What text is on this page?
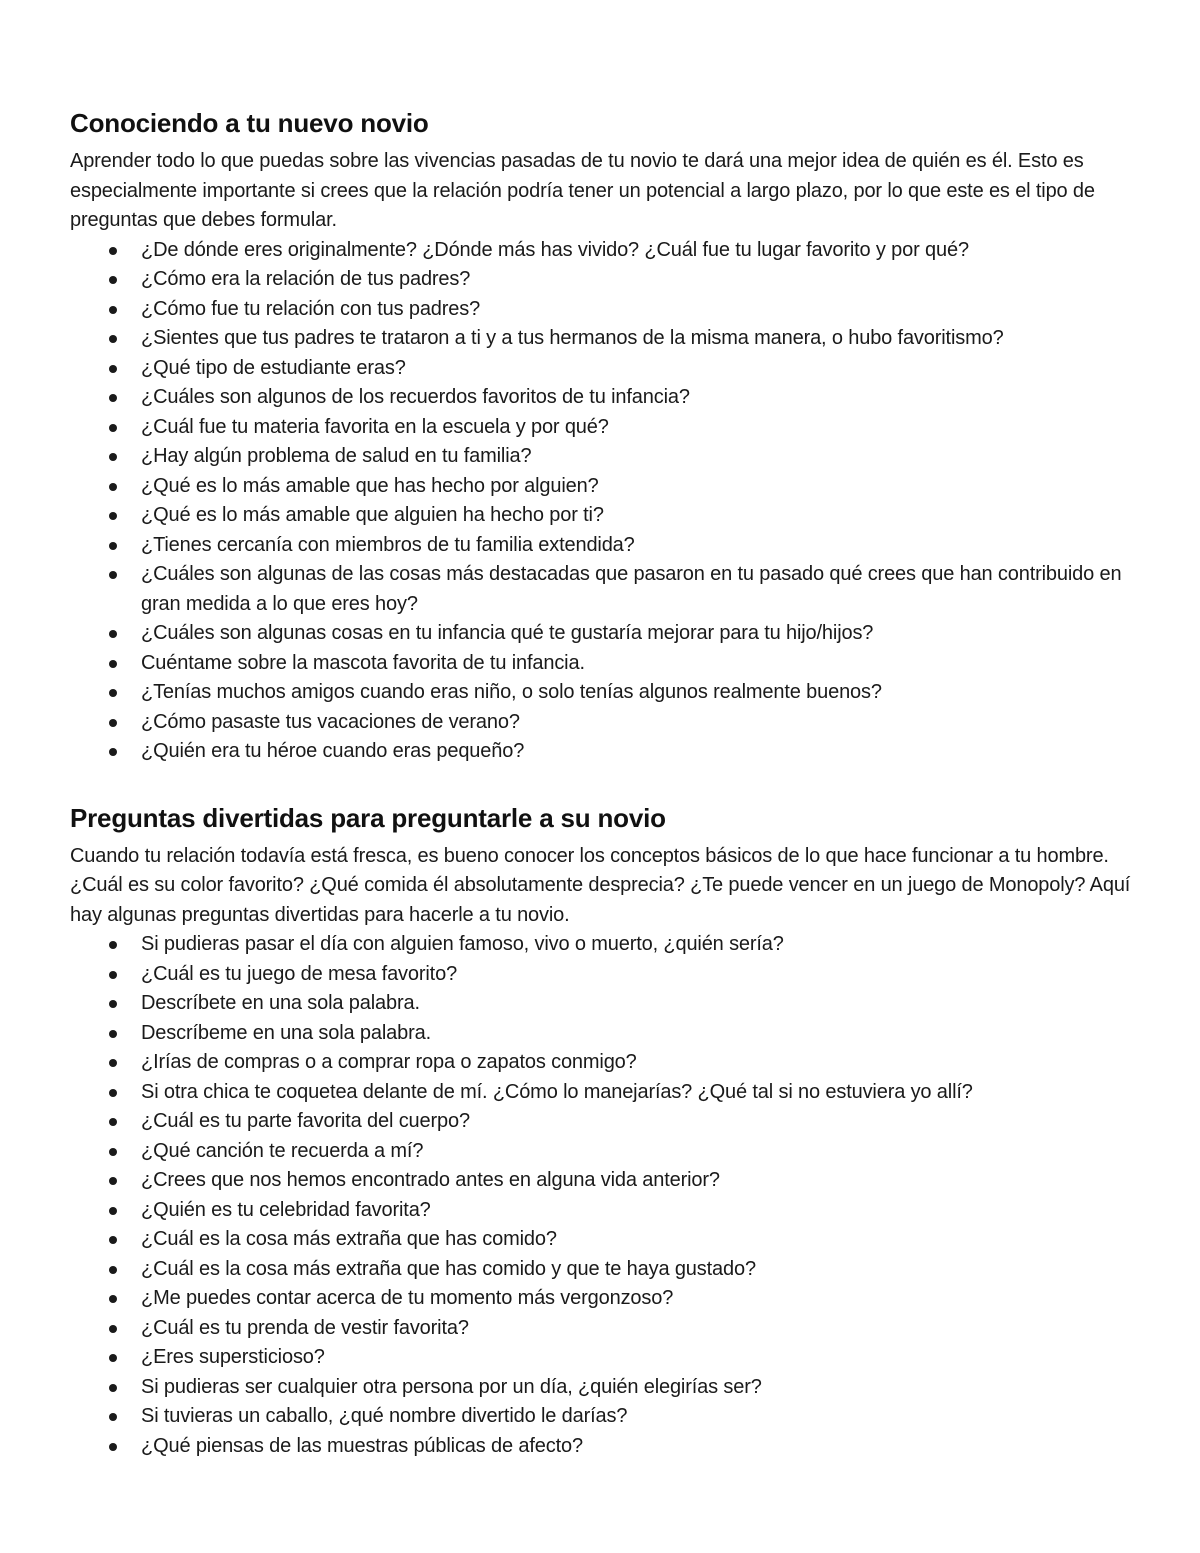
Conociendo a tu nuevo novio

Aprender todo lo que puedas sobre las vivencias pasadas de tu novio te dará una mejor idea de quién es él. Esto es especialmente importante si crees que la relación podría tener un potencial a largo plazo, por lo que este es el tipo de preguntas que debes formular.

¿De dónde eres originalmente? ¿Dónde más has vivido? ¿Cuál fue tu lugar favorito y por qué?
¿Cómo era la relación de tus padres?
¿Cómo fue tu relación con tus padres?
¿Sientes que tus padres te trataron a ti y a tus hermanos de la misma manera, o hubo favoritismo?
¿Qué tipo de estudiante eras?
¿Cuáles son algunos de los recuerdos favoritos de tu infancia?
¿Cuál fue tu materia favorita en la escuela y por qué?
¿Hay algún problema de salud en tu familia?
¿Qué es lo más amable que has hecho por alguien?
¿Qué es lo más amable que alguien ha hecho por ti?
¿Tienes cercanía con miembros de tu familia extendida?
¿Cuáles son algunas de las cosas más destacadas que pasaron en tu pasado qué crees que han contribuido en gran medida a lo que eres hoy?
¿Cuáles son algunas cosas en tu infancia qué te gustaría mejorar para tu hijo/hijos?
Cuéntame sobre la mascota favorita de tu infancia.
¿Tenías muchos amigos cuando eras niño, o solo tenías algunos realmente buenos?
¿Cómo pasaste tus vacaciones de verano?
¿Quién era tu héroe cuando eras pequeño?
Preguntas divertidas para preguntarle a su novio

Cuando tu relación todavía está fresca, es bueno conocer los conceptos básicos de lo que hace funcionar a tu hombre. ¿Cuál es su color favorito? ¿Qué comida él absolutamente desprecia? ¿Te puede vencer en un juego de Monopoly? Aquí hay algunas preguntas divertidas para hacerle a tu novio.

Si pudieras pasar el día con alguien famoso, vivo o muerto, ¿quién sería?
¿Cuál es tu juego de mesa favorito?
Descríbete en una sola palabra.
Descríbeme en una sola palabra.
¿Irías de compras o a comprar ropa o zapatos conmigo?
Si otra chica te coquetea delante de mí. ¿Cómo lo manejarías? ¿Qué tal si no estuviera yo allí?
¿Cuál es tu parte favorita del cuerpo?
¿Qué canción te recuerda a mí?
¿Crees que nos hemos encontrado antes en alguna vida anterior?
¿Quién es tu celebridad favorita?
¿Cuál es la cosa más extraña que has comido?
¿Cuál es la cosa más extraña que has comido y que te haya gustado?
¿Me puedes contar acerca de tu momento más vergonzoso?
¿Cuál es tu prenda de vestir favorita?
¿Eres supersticioso?
Si pudieras ser cualquier otra persona por un día, ¿quién elegirías ser?
Si tuvieras un caballo, ¿qué nombre divertido le darías?
¿Qué piensas de las muestras públicas de afecto?
